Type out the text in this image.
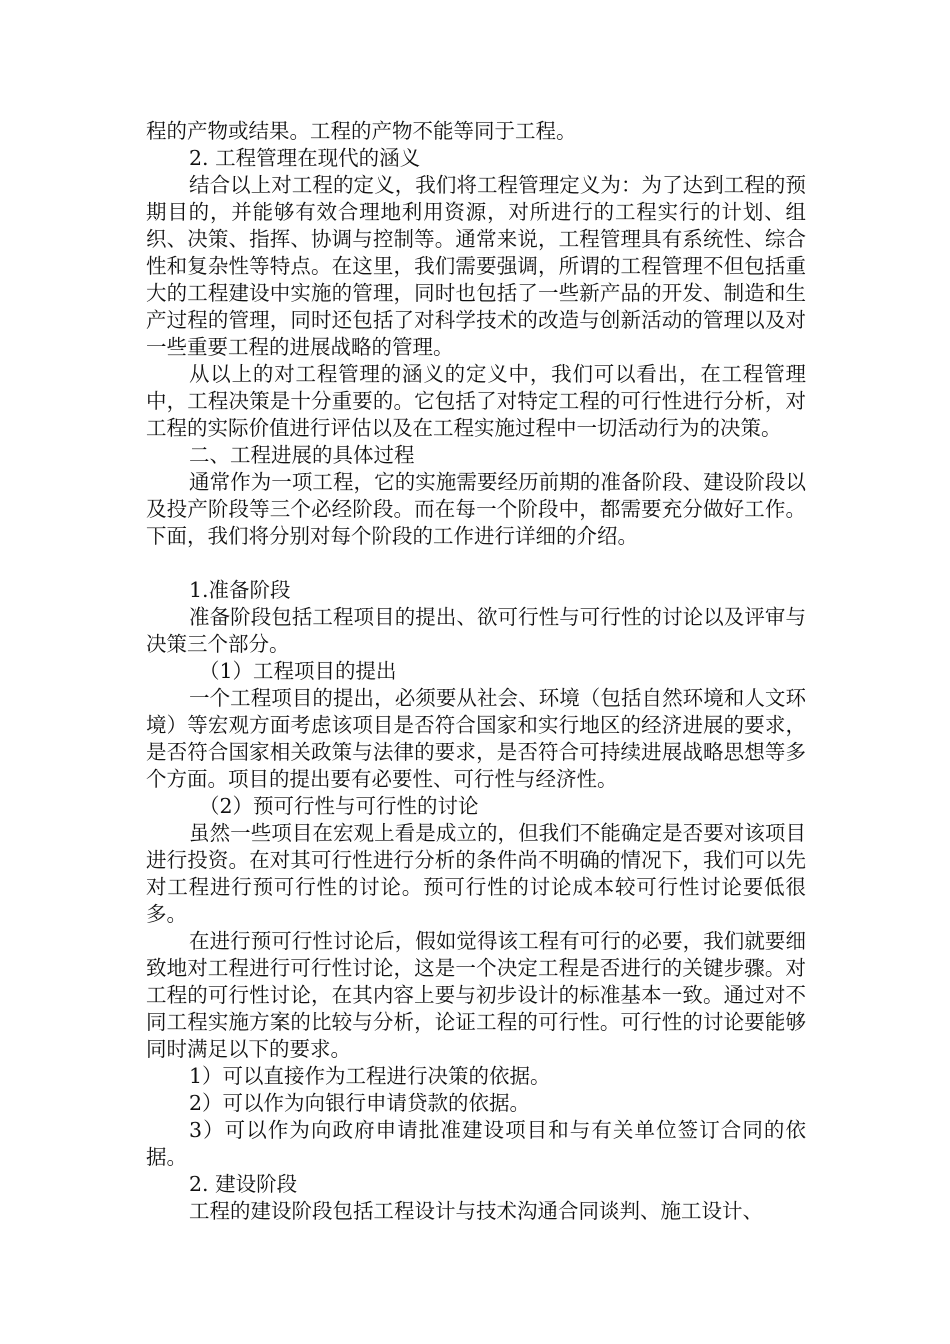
程的产物或结果。工程的产物不能等同于工程。

2. 工程管理在现代的涵义

结合以上对工程的定义，我们将工程管理定义为：为了达到工程的预期目的，并能够有效合理地利用资源，对所进行的工程实行的计划、组织、决策、指挥、协调与控制等。通常来说，工程管理具有系统性、综合性和复杂性等特点。在这里，我们需要强调，所谓的工程管理不但包括重大的工程建设中实施的管理，同时也包括了一些新产品的开发、制造和生产过程的管理，同时还包括了对科学技术的改造与创新活动的管理以及对一些重要工程的进展战略的管理。

从以上的对工程管理的涵义的定义中，我们可以看出，在工程管理中，工程决策是十分重要的。它包括了对特定工程的可行性进行分析，对工程的实际价值进行评估以及在工程实施过程中一切活动行为的决策。

二、工程进展的具体过程

通常作为一项工程，它的实施需要经历前期的准备阶段、建设阶段以及投产阶段等三个必经阶段。而在每一个阶段中，都需要充分做好工作。下面，我们将分别对每个阶段的工作进行详细的介绍。

1.准备阶段

准备阶段包括工程项目的提出、欲可行性与可行性的讨论以及评审与决策三个部分。

（1）工程项目的提出

一个工程项目的提出，必须要从社会、环境（包括自然环境和人文环境）等宏观方面考虑该项目是否符合国家和实行地区的经济进展的要求，是否符合国家相关政策与法律的要求，是否符合可持续进展战略思想等多个方面。项目的提出要有必要性、可行性与经济性。

（2）预可行性与可行性的讨论

虽然一些项目在宏观上看是成立的，但我们不能确定是否要对该项目进行投资。在对其可行性进行分析的条件尚不明确的情况下，我们可以先对工程进行预可行性的讨论。预可行性的讨论成本较可行性讨论要低很多。

在进行预可行性讨论后，假如觉得该工程有可行的必要，我们就要细致地对工程进行可行性讨论，这是一个决定工程是否进行的关键步骤。对工程的可行性讨论，在其内容上要与初步设计的标准基本一致。通过对不同工程实施方案的比较与分析，论证工程的可行性。可行性的讨论要能够同时满足以下的要求。

1）可以直接作为工程进行决策的依据。

2）可以作为向银行申请贷款的依据。

3）可以作为向政府申请批准建设项目和与有关单位签订合同的依据。

2. 建设阶段

工程的建设阶段包括工程设计与技术沟通合同谈判、施工设计、
